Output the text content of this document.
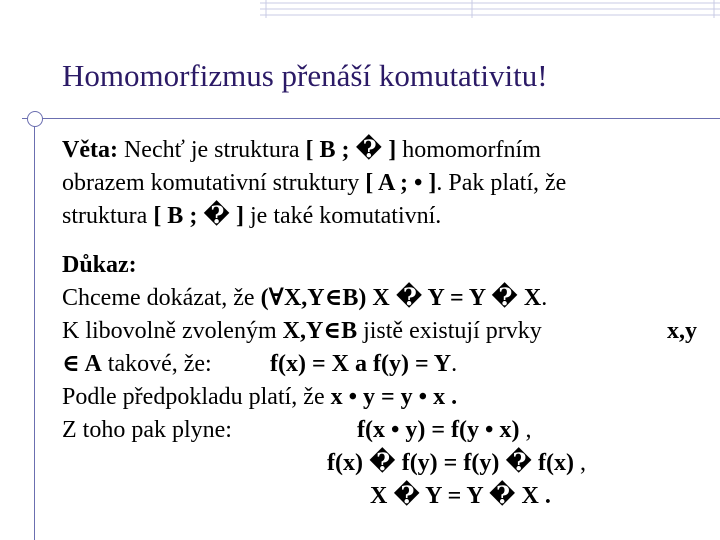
Homomorfizmus přenáší komutativitu!
Věta: Nechť je struktura [ B ; � ] homomorfním
obrazem komutativní struktury [ A ; • ]. Pak platí, že
struktura [ B ; � ] je také komutativní.
Důkaz:
Chceme dokázat, že (∀X,Y∈B) X � Y = Y � X.
K libovolně zvoleným X,Y∈B jistě existují prvky	x,y
∈ A takové, že: f(x) = X a f(y) = Y.
Podle předpokladu platí, že x • y = y • x .
Z toho pak plyne:	f(x • y) = f(y • x) ,
f(x) � f(y) = f(y) � f(x) ,
X � Y = Y � X .
